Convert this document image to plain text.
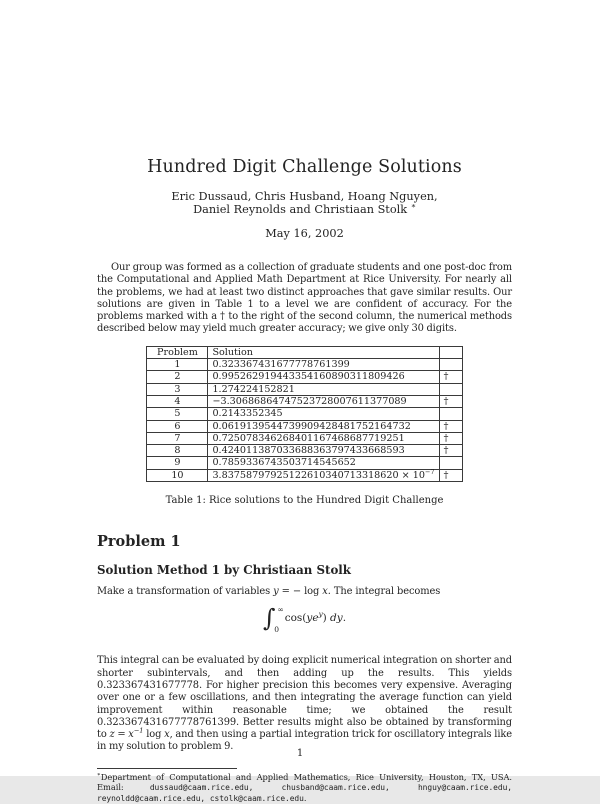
Hundred Digit Challenge Solutions
Eric Dussaud, Chris Husband, Hoang Nguyen,
Daniel Reynolds and Christiaan Stolk ∗
May 16, 2002
Our group was formed as a collection of graduate students and one post-doc from the Computational and Applied Math Department at Rice University. For nearly all the problems, we had at least two distinct approaches that gave similar results. Our solutions are given in Table 1 to a level we are confident of accuracy. For the problems marked with a † to the right of the second column, the numerical methods described below may yield much greater accuracy; we give only 30 digits.
Problem	Solution	
1	0.323367431677778761399	
2	0.995262919443354160890311809426	†
3	1.274224152821	
4	−3.30686864747523728007611377089	†
5	0.2143352345	
6	0.0619139544739909428481752164732	†
7	0.725078346268401167468687719251	†
8	0.424011387033688363797433668593	†
9	0.7859336743503714545652	
10	$3.83758797925122610340713318620 \times 10^{-7}$	†
Table 1: Rice solutions to the Hundred Digit Challenge
Problem 1
Solution Method 1 by Christiaan Stolk
Make a transformation of variables y = − log x. The integral becomes
∫ ∞
0
$\cos(ye^y)$ dy.
This integral can be evaluated by doing explicit numerical integration on shorter and shorter subintervals, and then adding up the results. This yields 0.323367431677778. For higher precision this becomes very expensive. Averaging over one or a few oscillations, and then integrating the average function can yield improvement within reasonable time; we obtained the result 0.323367431677778761399. Better results might also be obtained by transforming to $z = x^{-1}$ log x, and then using a partial integration trick for oscillatory integrals like in my solution to problem 9.
∗Department of Computational and Applied Mathematics, Rice University, Houston, TX, USA. Email: dussaud@caam.rice.edu, chusband@caam.rice.edu, hnguy@caam.rice.edu, reynoldd@caam.rice.edu, cstolk@caam.rice.edu.
1
